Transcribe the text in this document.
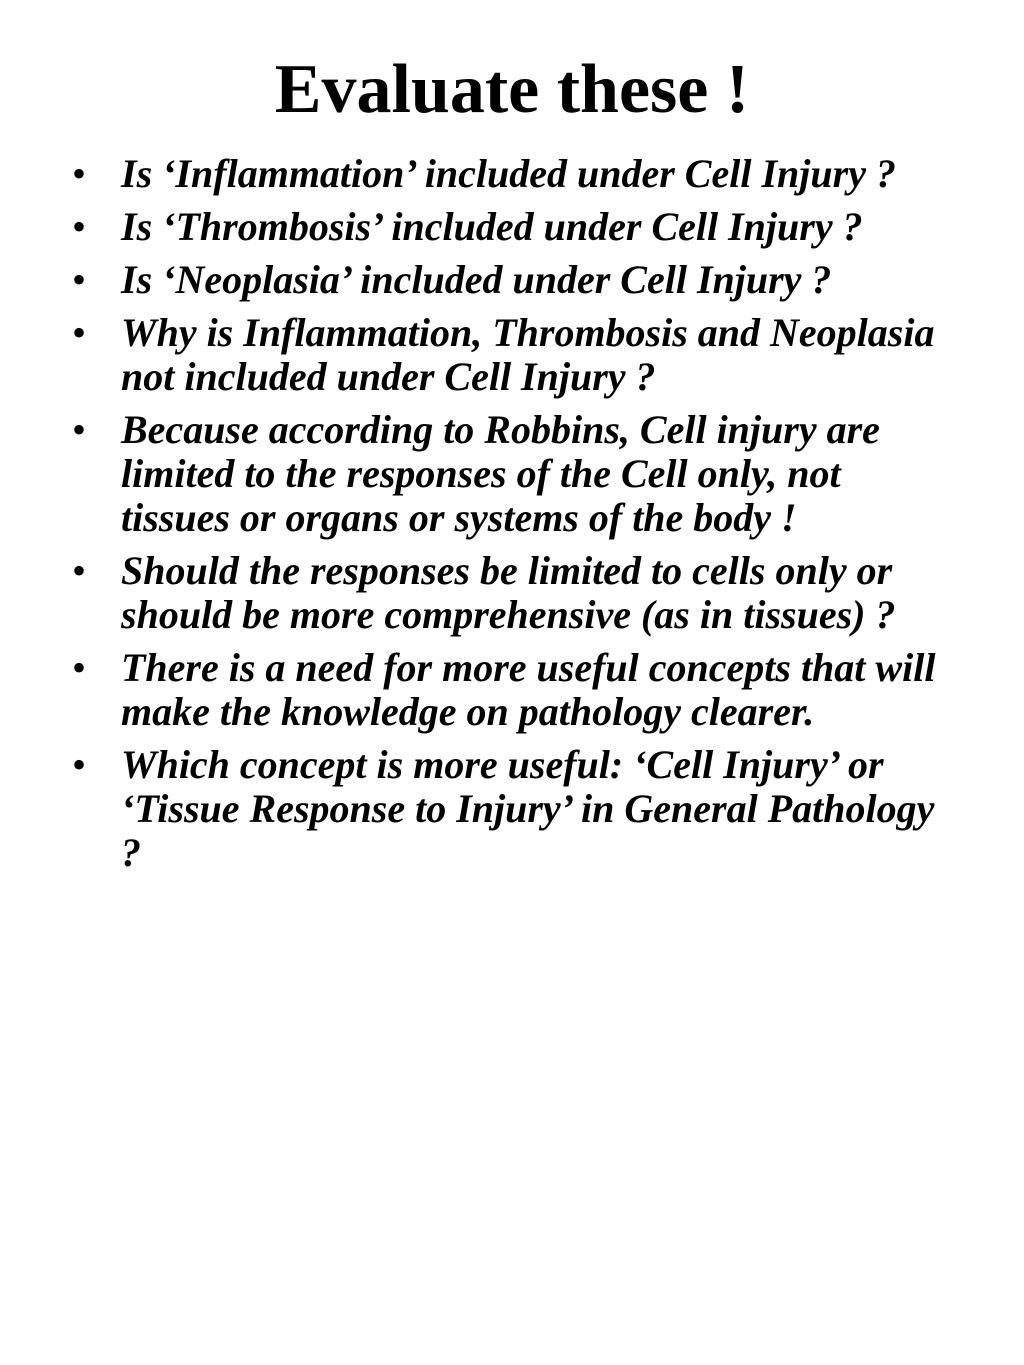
Evaluate these !
• Is ‘Inflammation’ included under Cell Injury ?
• Is ‘Thrombosis’ included under Cell Injury ?
• Is ‘Neoplasia’ included under Cell Injury ?
• Why is Inflammation, Thrombosis and Neoplasia not included under Cell Injury ?
• Because according to Robbins, Cell injury are limited to the responses of the Cell only, not tissues or organs or systems of the body !
• Should the responses be limited to cells only or should be more comprehensive (as in tissues) ?
• There is a need for more useful concepts that will make the knowledge on pathology clearer.
• Which concept is more useful: ‘Cell Injury’ or ‘Tissue Response to Injury’ in General Pathology ?
